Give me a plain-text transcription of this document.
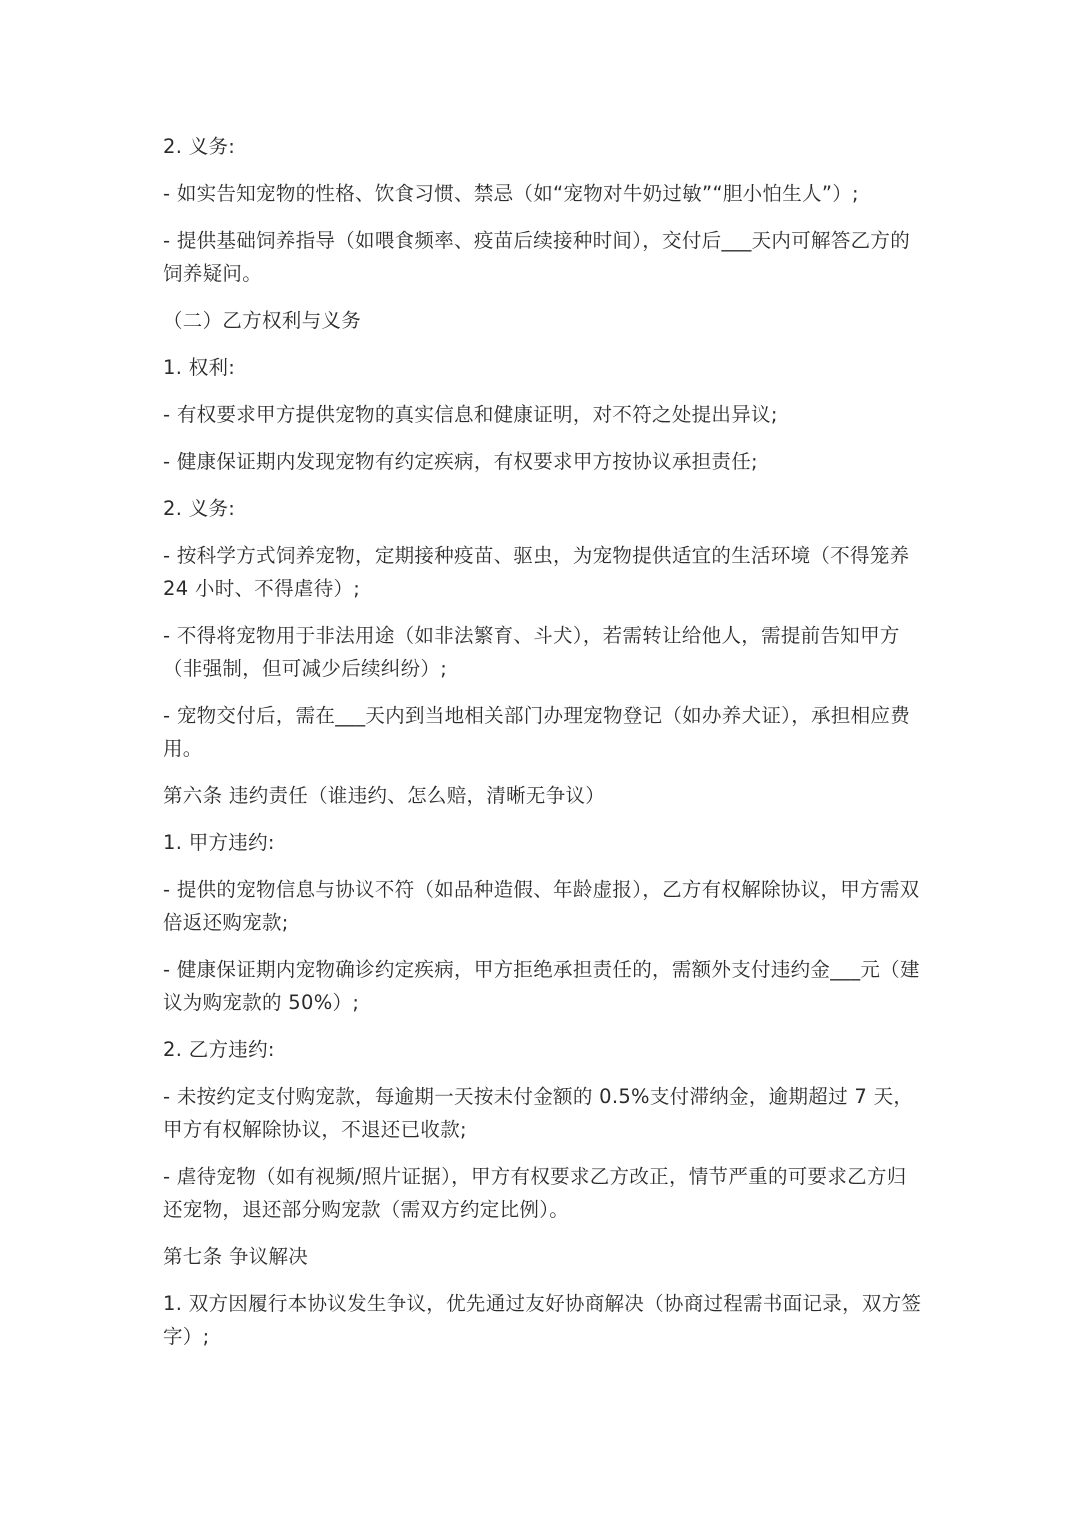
2. 义务:

- 如实告知宠物的性格、饮食习惯、禁忌（如“宠物对牛奶过敏”“胆小怕生人”）;

- 提供基础饲养指导（如喂食频率、疫苗后续接种时间），交付后___天内可解答乙方的饲养疑问。

（二）乙方权利与义务

1. 权利:

- 有权要求甲方提供宠物的真实信息和健康证明，对不符之处提出异议;

- 健康保证期内发现宠物有约定疾病，有权要求甲方按协议承担责任;

2. 义务:

- 按科学方式饲养宠物，定期接种疫苗、驱虫，为宠物提供适宜的生活环境（不得笼养 24 小时、不得虐待）;

- 不得将宠物用于非法用途（如非法繁育、斗犬），若需转让给他人，需提前告知甲方（非强制，但可减少后续纠纷）;

- 宠物交付后，需在___天内到当地相关部门办理宠物登记（如办养犬证），承担相应费用。

第六条 违约责任（谁违约、怎么赔，清晰无争议）

1. 甲方违约:

- 提供的宠物信息与协议不符（如品种造假、年龄虚报），乙方有权解除协议，甲方需双倍返还购宠款;

- 健康保证期内宠物确诊约定疾病，甲方拒绝承担责任的，需额外支付违约金___元（建议为购宠款的 50%）;

2. 乙方违约:

- 未按约定支付购宠款，每逾期一天按未付金额的 0.5%支付滞纳金，逾期超过 7 天，甲方有权解除协议，不退还已收款;

- 虐待宠物（如有视频/照片证据），甲方有权要求乙方改正，情节严重的可要求乙方归还宠物，退还部分购宠款（需双方约定比例）。

第七条 争议解决

1. 双方因履行本协议发生争议，优先通过友好协商解决（协商过程需书面记录，双方签字）;
